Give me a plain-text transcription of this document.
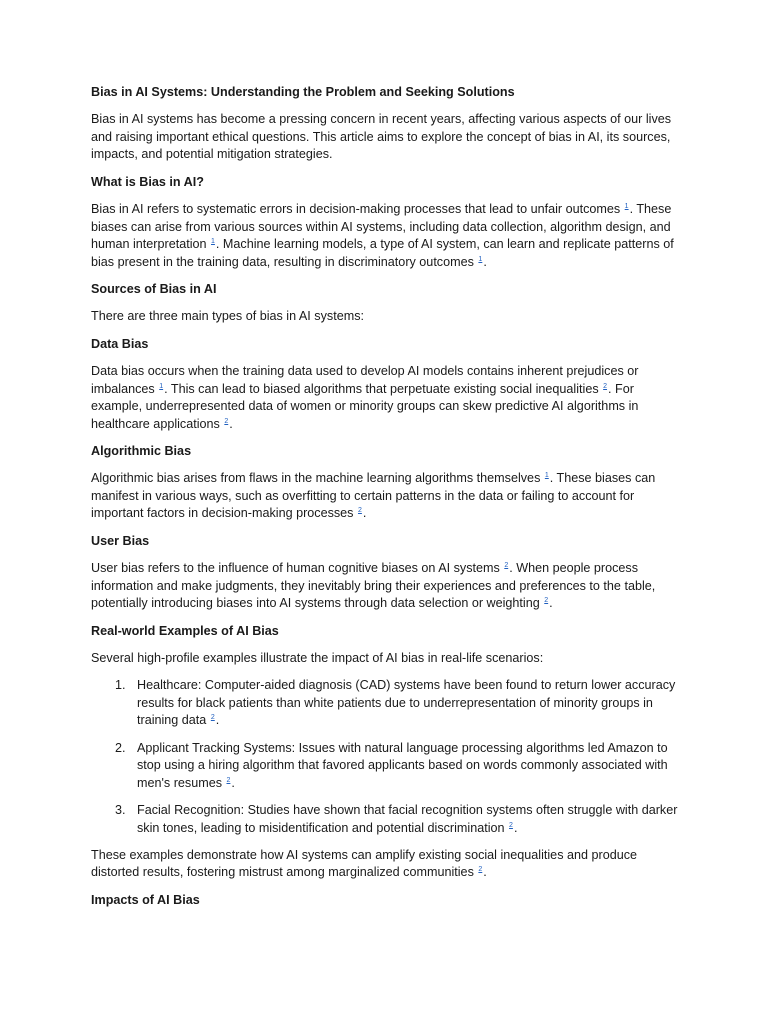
Bias in AI Systems: Understanding the Problem and Seeking Solutions

Bias in AI systems has become a pressing concern in recent years, affecting various aspects of our lives and raising important ethical questions. This article aims to explore the concept of bias in AI, its sources, impacts, and potential mitigation strategies.

What is Bias in AI?

Bias in AI refers to systematic errors in decision-making processes that lead to unfair outcomes $^1$. These biases can arise from various sources within AI systems, including data collection, algorithm design, and human interpretation $^1$. Machine learning models, a type of AI system, can learn and replicate patterns of bias present in the training data, resulting in discriminatory outcomes $^1$.

Sources of Bias in AI

There are three main types of bias in AI systems:

Data Bias

Data bias occurs when the training data used to develop AI models contains inherent prejudices or imbalances $^1$. This can lead to biased algorithms that perpetuate existing social inequalities $^2$. For example, underrepresented data of women or minority groups can skew predictive AI algorithms in healthcare applications $^2$.

Algorithmic Bias

Algorithmic bias arises from flaws in the machine learning algorithms themselves $^1$. These biases can manifest in various ways, such as overfitting to certain patterns in the data or failing to account for important factors in decision-making processes $^2$.

User Bias

User bias refers to the influence of human cognitive biases on AI systems $^2$. When people process information and make judgments, they inevitably bring their experiences and preferences to the table, potentially introducing biases into AI systems through data selection or weighting $^2$.

Real-world Examples of AI Bias

Several high-profile examples illustrate the impact of AI bias in real-life scenarios:

1. Healthcare: Computer-aided diagnosis (CAD) systems have been found to return lower accuracy results for black patients than white patients due to underrepresentation of minority groups in training data $^2$.
2. Applicant Tracking Systems: Issues with natural language processing algorithms led Amazon to stop using a hiring algorithm that favored applicants based on words commonly associated with men's resumes $^2$.
3. Facial Recognition: Studies have shown that facial recognition systems often struggle with darker skin tones, leading to misidentification and potential discrimination $^2$.

These examples demonstrate how AI systems can amplify existing social inequalities and produce distorted results, fostering mistrust among marginalized communities $^2$.

Impacts of AI Bias
